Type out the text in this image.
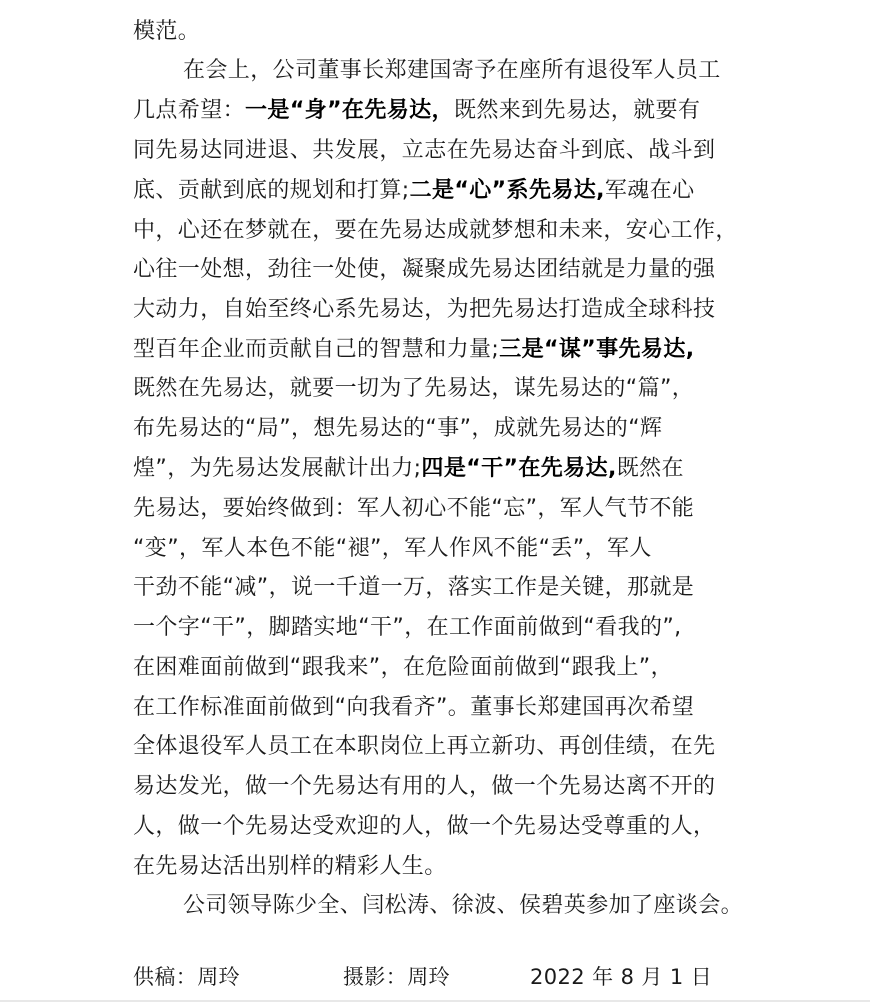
模范。
在会上，公司董事长郑建国寄予在座所有退役军人员工
几点希望：一是“身”在先易达，既然来到先易达，就要有
同先易达同进退、共发展，立志在先易达奋斗到底、战斗到
底、贡献到底的规划和打算;二是“心”系先易达,军魂在心
中，心还在梦就在，要在先易达成就梦想和未来，安心工作，
心往一处想，劲往一处使，凝聚成先易达团结就是力量的强
大动力，自始至终心系先易达，为把先易达打造成全球科技
型百年企业而贡献自己的智慧和力量;三是“谋”事先易达,
既然在先易达，就要一切为了先易达，谋先易达的“篇”，
布先易达的“局”，想先易达的“事”，成就先易达的“辉
煌”，为先易达发展献计出力;四是“干”在先易达,既然在
先易达，要始终做到：军人初心不能“忘”，军人气节不能
“变”，军人本色不能“褪”，军人作风不能“丢”，军人
干劲不能“减”，说一千道一万，落实工作是关键，那就是
一个字“干”，脚踏实地“干”，在工作面前做到“看我的”,
在困难面前做到“跟我来”，在危险面前做到“跟我上”，
在工作标准面前做到“向我看齐”。董事长郑建国再次希望
全体退役军人员工在本职岗位上再立新功、再创佳绩，在先
易达发光，做一个先易达有用的人，做一个先易达离不开的
人，做一个先易达受欢迎的人，做一个先易达受尊重的人，
在先易达活出别样的精彩人生。
公司领导陈少全、闫松涛、徐波、侯碧英参加了座谈会。
供稿：周玲	摄影：周玲	2022 年 8 月 1 日
